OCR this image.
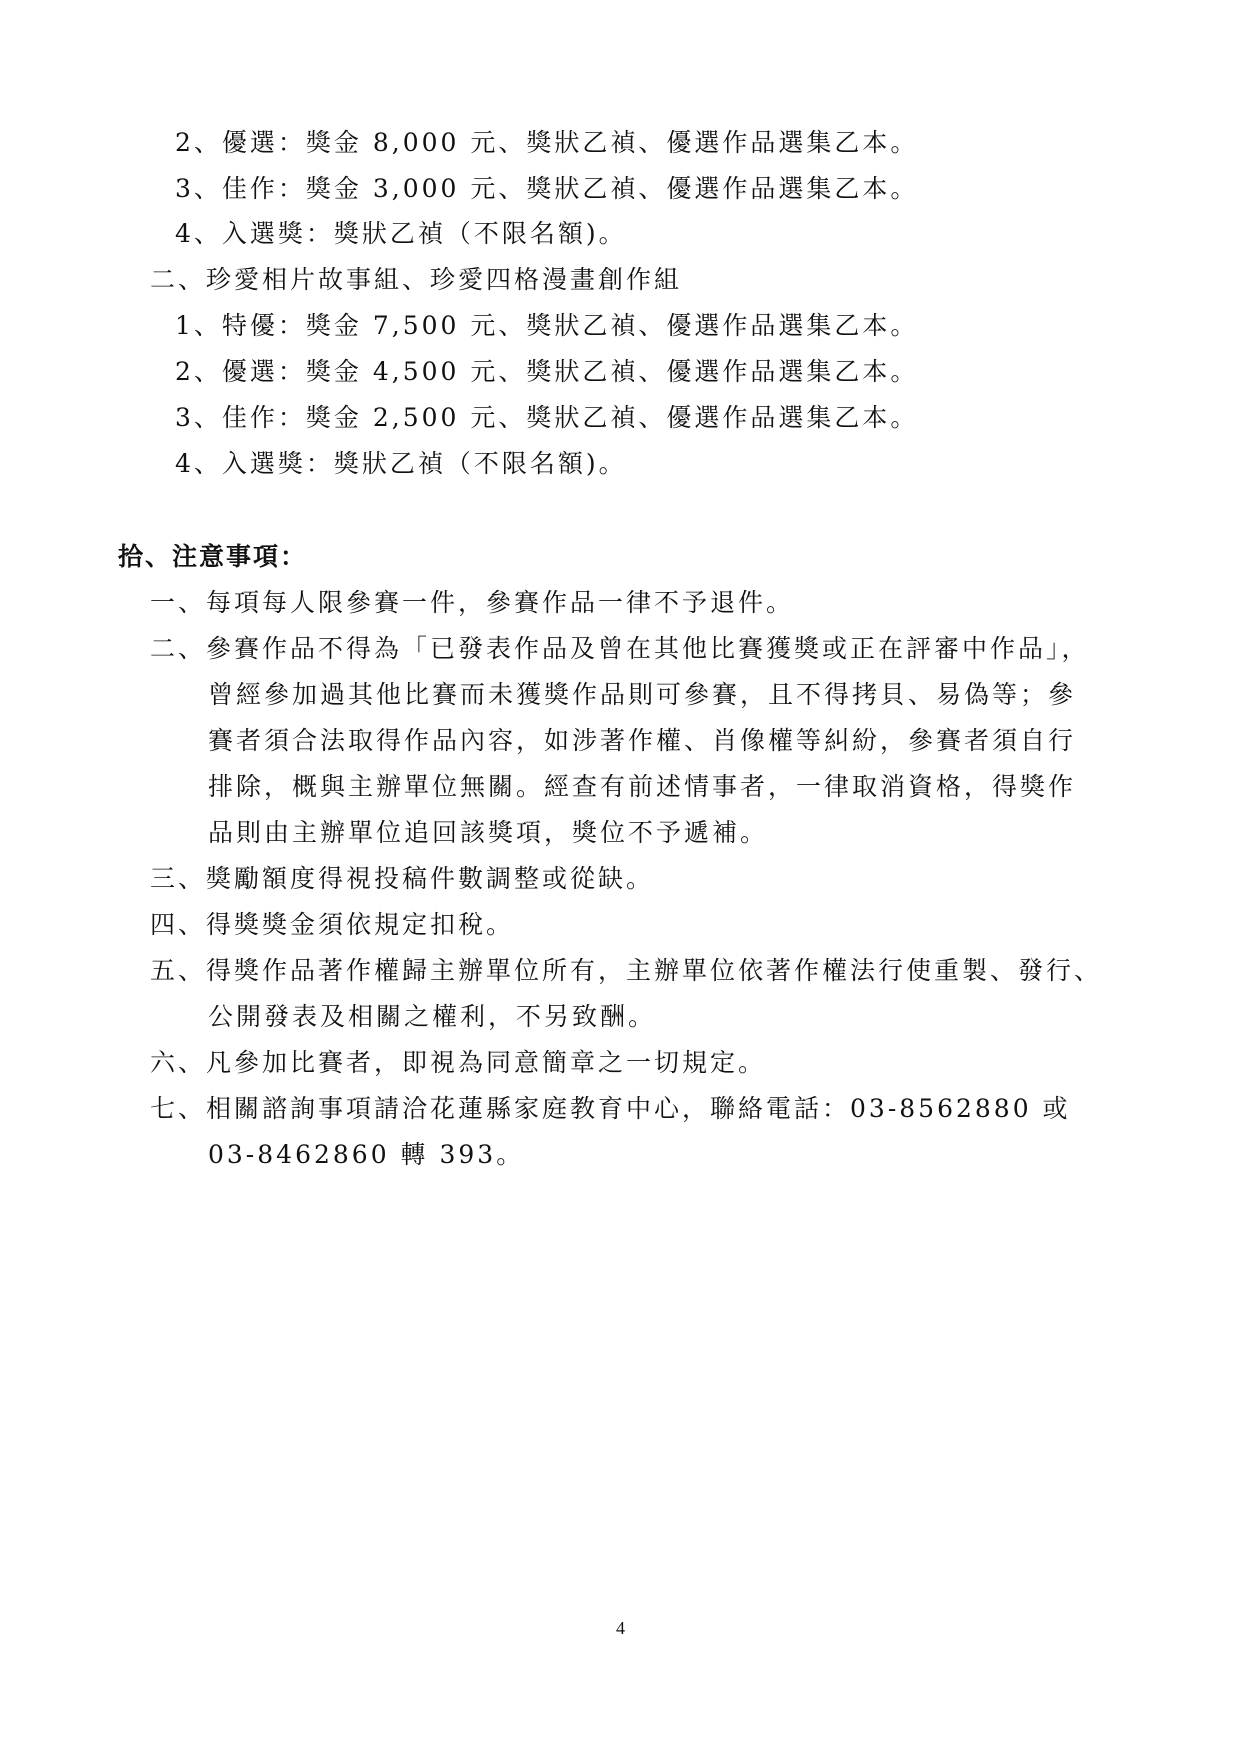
2、優選：獎金 8,000 元、獎狀乙禎、優選作品選集乙本。
3、佳作：獎金 3,000 元、獎狀乙禎、優選作品選集乙本。
4、入選獎：獎狀乙禎（不限名額)。
二、珍愛相片故事組、珍愛四格漫畫創作組
1、特優：獎金 7,500 元、獎狀乙禎、優選作品選集乙本。
2、優選：獎金 4,500 元、獎狀乙禎、優選作品選集乙本。
3、佳作：獎金 2,500 元、獎狀乙禎、優選作品選集乙本。
4、入選獎：獎狀乙禎（不限名額)。
拾、注意事項：
一、每項每人限參賽一件，參賽作品一律不予退件。
二、參賽作品不得為「已發表作品及曾在其他比賽獲獎或正在評審中作品」，
曾經參加過其他比賽而未獲獎作品則可參賽，且不得拷貝、易偽等；參
賽者須合法取得作品內容，如涉著作權、肖像權等糾紛，參賽者須自行
排除，概與主辦單位無關。經查有前述情事者，一律取消資格，得獎作
品則由主辦單位追回該獎項，獎位不予遞補。
三、獎勵額度得視投稿件數調整或從缺。
四、得獎獎金須依規定扣稅。
五、得獎作品著作權歸主辦單位所有，主辦單位依著作權法行使重製、發行、
公開發表及相關之權利，不另致酬。
六、凡參加比賽者，即視為同意簡章之一切規定。
七、相關諮詢事項請洽花蓮縣家庭教育中心，聯絡電話：03-8562880 或
03-8462860 轉 393。
4
